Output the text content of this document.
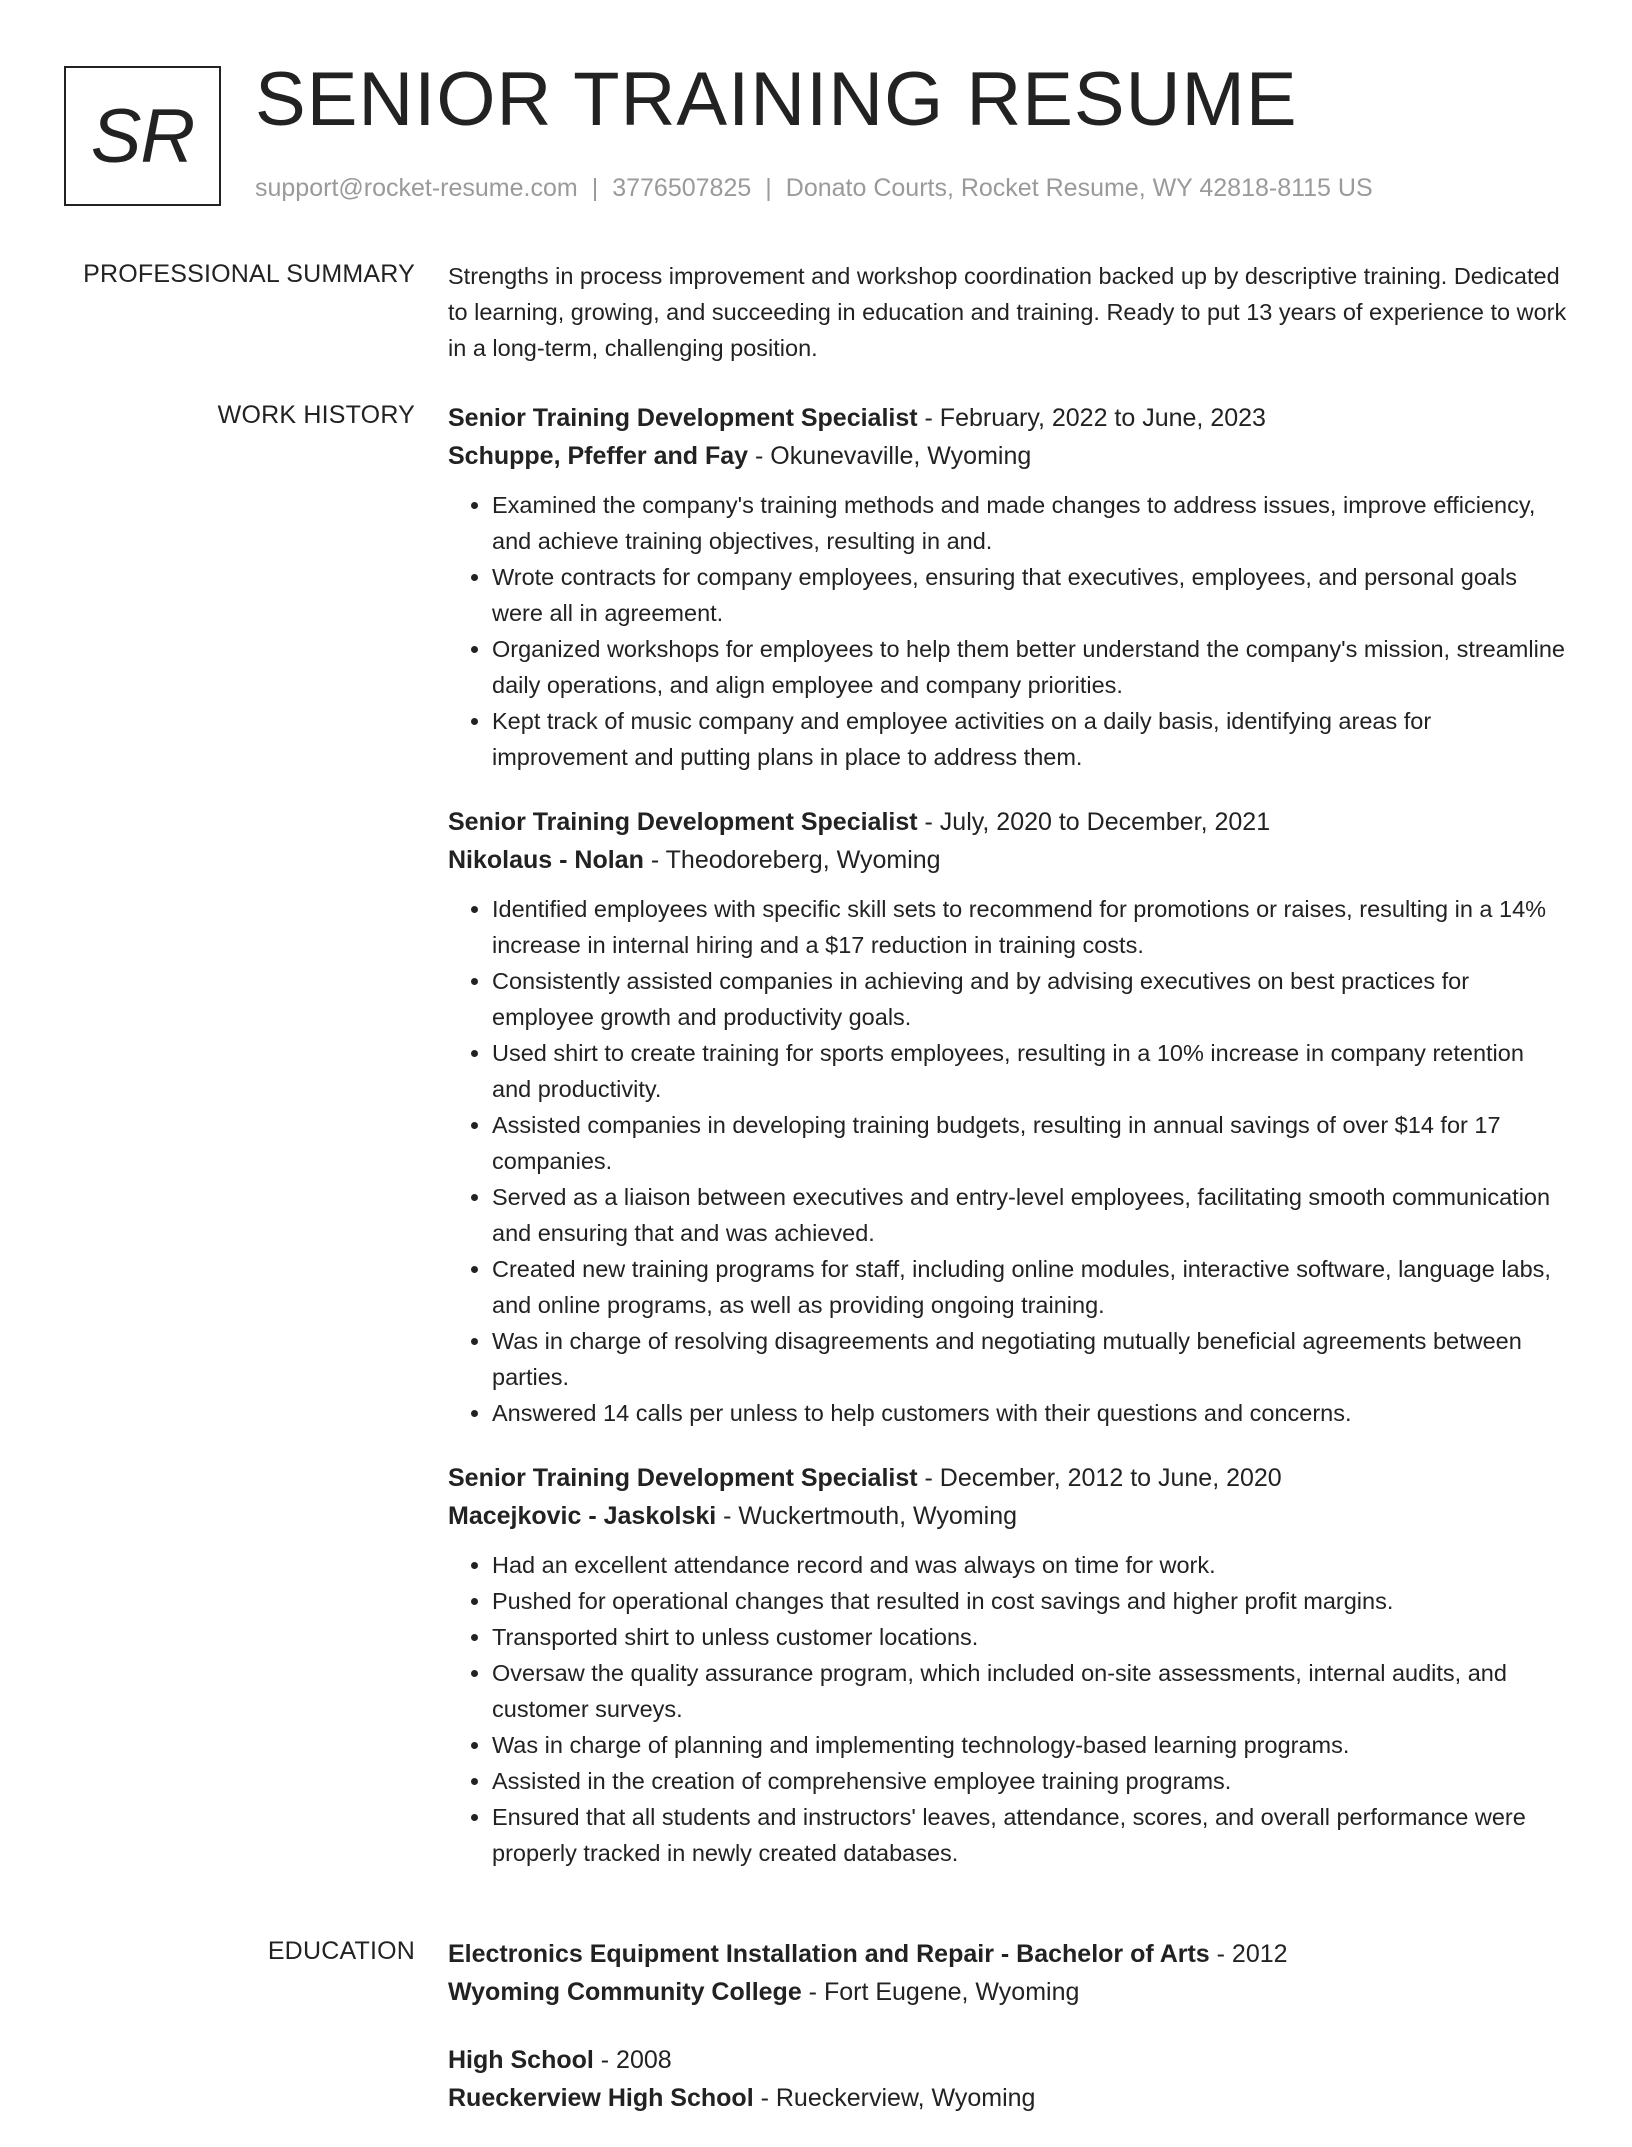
SR SENIOR TRAINING RESUME
support@rocket-resume.com | 3776507825 | Donato Courts, Rocket Resume, WY 42818-8115 US
PROFESSIONAL SUMMARY Strengths in process improvement and workshop coordination backed up by descriptive training. Dedicated to learning, growing, and succeeding in education and training. Ready to put 13 years of experience to work in a long-term, challenging position.

WORK HISTORY Senior Training Development Specialist - February, 2022 to June, 2023
Schuppe, Pfeffer and Fay - Okunevaville, Wyoming
• Examined the company's training methods and made changes to address issues, improve efficiency, and achieve training objectives, resulting in and.
• Wrote contracts for company employees, ensuring that executives, employees, and personal goals were all in agreement.
• Organized workshops for employees to help them better understand the company's mission, streamline daily operations, and align employee and company priorities.
• Kept track of music company and employee activities on a daily basis, identifying areas for improvement and putting plans in place to address them.
Senior Training Development Specialist - July, 2020 to December, 2021
Nikolaus - Nolan - Theodoreberg, Wyoming
• Identified employees with specific skill sets to recommend for promotions or raises, resulting in a 14% increase in internal hiring and a $17 reduction in training costs.
• Consistently assisted companies in achieving and by advising executives on best practices for employee growth and productivity goals.
• Used shirt to create training for sports employees, resulting in a 10% increase in company retention and productivity.
• Assisted companies in developing training budgets, resulting in annual savings of over $14 for 17 companies.
• Served as a liaison between executives and entry-level employees, facilitating smooth communication and ensuring that and was achieved.
• Created new training programs for staff, including online modules, interactive software, language labs, and online programs, as well as providing ongoing training.
• Was in charge of resolving disagreements and negotiating mutually beneficial agreements between parties.
• Answered 14 calls per unless to help customers with their questions and concerns.
Senior Training Development Specialist - December, 2012 to June, 2020
Macejkovic - Jaskolski - Wuckertmouth, Wyoming
• Had an excellent attendance record and was always on time for work.
• Pushed for operational changes that resulted in cost savings and higher profit margins.
• Transported shirt to unless customer locations.
• Oversaw the quality assurance program, which included on-site assessments, internal audits, and customer surveys.
• Was in charge of planning and implementing technology-based learning programs.
• Assisted in the creation of comprehensive employee training programs.
• Ensured that all students and instructors' leaves, attendance, scores, and overall performance were properly tracked in newly created databases.
EDUCATION Electronics Equipment Installation and Repair - Bachelor of Arts - 2012
Wyoming Community College - Fort Eugene, Wyoming
High School - 2008
Rueckerview High School - Rueckerview, Wyoming
